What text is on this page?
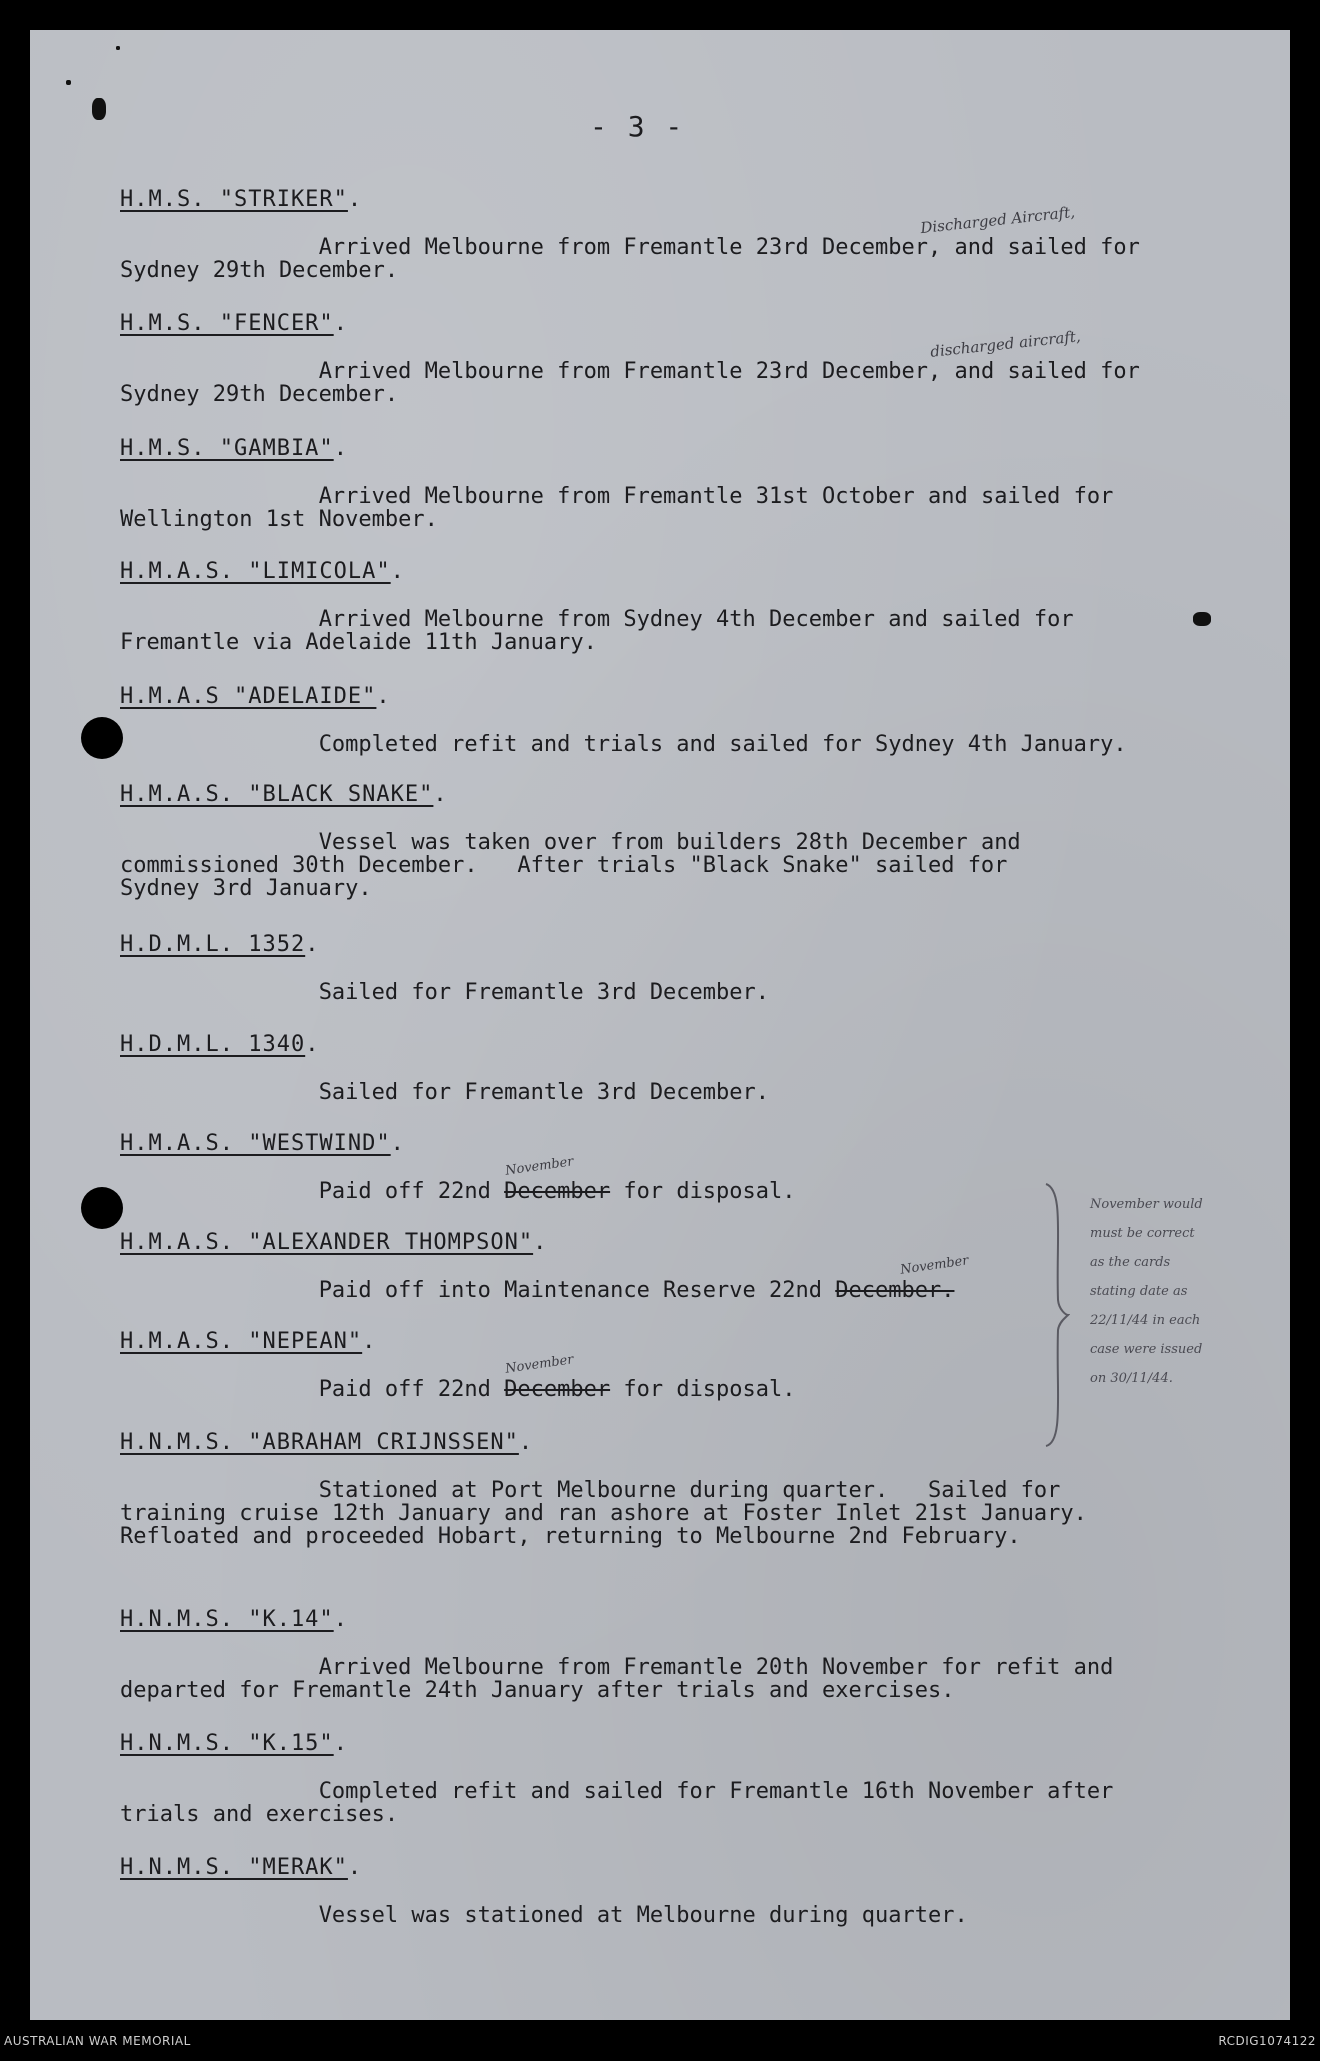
- 3 -

H.M.S. "STRIKER".

Arrived Melbourne from Fremantle 23rd December, and sailed for
Sydney 29th December.
Discharged Aircraft,

H.M.S. "FENCER".

Arrived Melbourne from Fremantle 23rd December, and sailed for
Sydney 29th December.
discharged aircraft,

H.M.S. "GAMBIA".

Arrived Melbourne from Fremantle 31st October and sailed for
Wellington 1st November.

H.M.A.S. "LIMICOLA".

Arrived Melbourne from Sydney 4th December and sailed for
Fremantle via Adelaide 11th January.

H.M.A.S "ADELAIDE".

Completed refit and trials and sailed for Sydney 4th January.

H.M.A.S. "BLACK SNAKE".

Vessel was taken over from builders 28th December and
commissioned 30th December.   After trials "Black Snake" sailed for
Sydney 3rd January.

H.D.M.L. 1352.

Sailed for Fremantle 3rd December.

H.D.M.L. 1340.

Sailed for Fremantle 3rd December.

H.M.A.S. "WESTWIND".

Paid off 22nd December for disposal.
November

H.M.A.S. "ALEXANDER THOMPSON".

Paid off into Maintenance Reserve 22nd December.
November

H.M.A.S. "NEPEAN".

Paid off 22nd December for disposal.
November

H.N.M.S. "ABRAHAM CRIJNSSEN".

Stationed at Port Melbourne during quarter.   Sailed for
training cruise 12th January and ran ashore at Foster Inlet 21st January.
Refloated and proceeded Hobart, returning to Melbourne 2nd February.

H.N.M.S. "K.14".

Arrived Melbourne from Fremantle 20th November for refit and
departed for Fremantle 24th January after trials and exercises.

H.N.M.S. "K.15".

Completed refit and sailed for Fremantle 16th November after
trials and exercises.

H.N.M.S. "MERAK".

Vessel was stationed at Melbourne during quarter.
November would
must be correct
as the cards
stating date as
22/11/44 in each
case were issued
on 30/11/44.
AUSTRALIAN WAR MEMORIAL	RCDIG1074122
